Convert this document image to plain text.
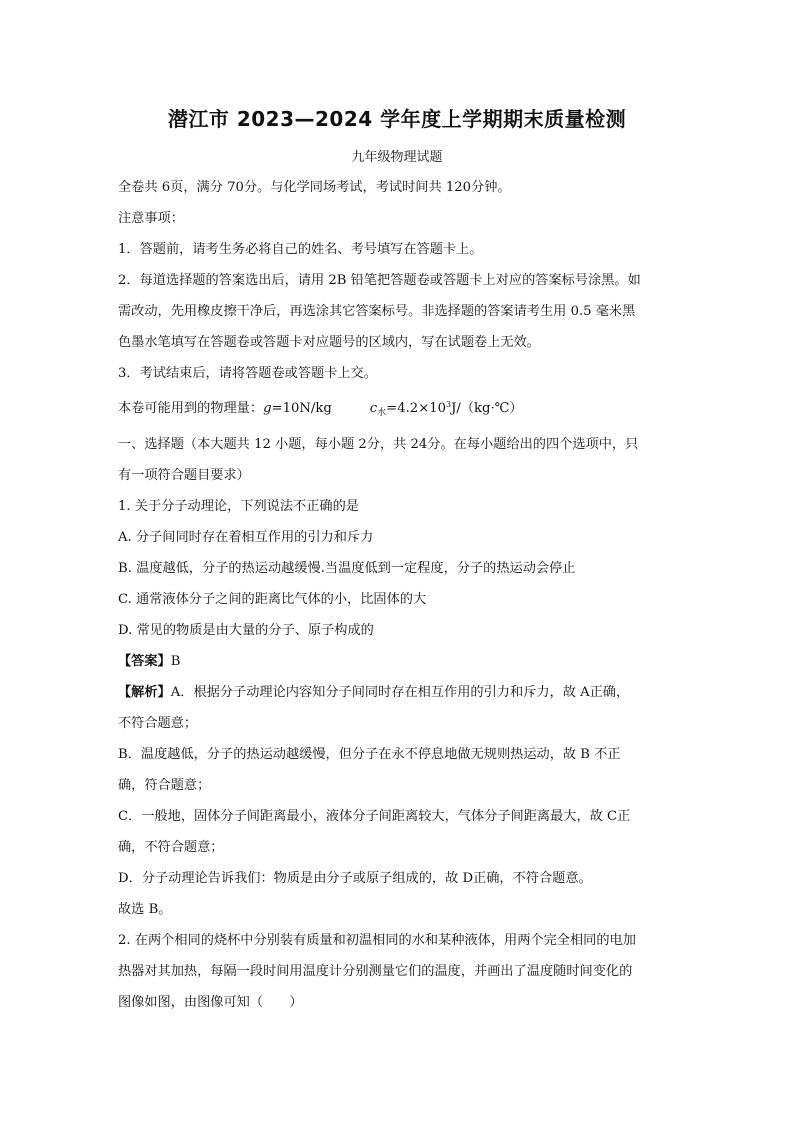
潜江市 2023—2024 学年度上学期期末质量检测
九年级物理试题
全卷共 6页，满分 70分。与化学同场考试，考试时间共 120分钟。
注意事项：
1．答题前，请考生务必将自己的姓名、考号填写在答题卡上。
2．每道选择题的答案选出后，请用 2B 铅笔把答题卷或答题卡上对应的答案标号涂黑。如
需改动，先用橡皮擦干净后，再选涂其它答案标号。非选择题的答案请考生用 0.5 毫米黑
色墨水笔填写在答题卷或答题卡对应题号的区域内，写在试题卷上无效。
3．考试结束后，请将答题卷或答题卡上交。
本卷可能用到的物理量：g=10N/kg	$c_水=4.2\times 10^3J/(kg\cdot℃)$
一、选择题（本大题共 12 小题，每小题 2分，共 24分。在每小题给出的四个选项中，只
有一项符合题目要求）
1. 关于分子动理论，下列说法不正确的是
A. 分子间同时存在着相互作用的引力和斥力
B. 温度越低，分子的热运动越缓慢.当温度低到一定程度，分子的热运动会停止
C. 通常液体分子之间的距离比气体的小，比固体的大
D. 常见的物质是由大量的分子、原子构成的
【答案】B
【解析】A．根据分子动理论内容知分子间同时存在相互作用的引力和斥力，故 A正确，
不符合题意；
B．温度越低，分子的热运动越缓慢，但分子在永不停息地做无规则热运动，故 B 不正
确，符合题意；
C．一般地，固体分子间距离最小，液体分子间距离较大，气体分子间距离最大，故 C正
确，不符合题意；
D．分子动理论告诉我们：物质是由分子或原子组成的，故 D正确，不符合题意。
故选 B。
2. 在两个相同的烧杯中分别装有质量和初温相同的水和某种液体，用两个完全相同的电加
热器对其加热，每隔一段时间用温度计分别测量它们的温度，并画出了温度随时间变化的
图像如图，由图像可知（　　）
